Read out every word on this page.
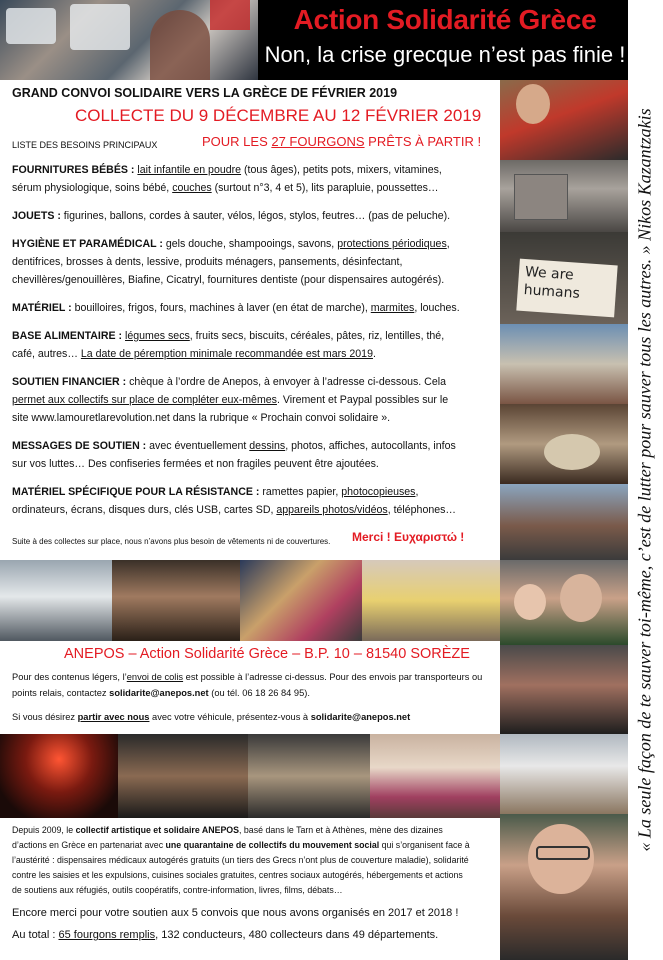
Action Solidarité Grèce
Non, la crise grecque n’est pas finie !
GRAND CONVOI SOLIDAIRE VERS LA GRÈCE DE FÉVRIER 2019
COLLECTE DU 9 DÉCEMBRE AU 12 FÉVRIER 2019
LISTE DES BESOINS PRINCIPAUX	POUR LES 27 FOURGONS PRÊTS À PARTIR !
FOURNITURES BÉBÉS : lait infantile en poudre (tous âges), petits pots, mixers, vitamines,
sérum physiologique, soins bébé, couches (surtout n°3, 4 et 5), lits parapluie, poussettes…
JOUETS : figurines, ballons, cordes à sauter, vélos, légos, stylos, feutres… (pas de peluche).
HYGIÈNE ET PARAMÉDICAL : gels douche, shampooings, savons, protections périodiques,
dentifrices, brosses à dents, lessive, produits ménagers, pansements, désinfectant,
chevillères/genouillères, Biafine, Cicatryl, fournitures dentiste (pour dispensaires autogérés).
MATÉRIEL : bouilloires, frigos, fours, machines à laver (en état de marche), marmites, louches.
BASE ALIMENTAIRE : légumes secs, fruits secs, biscuits, céréales, pâtes, riz, lentilles, thé,
café, autres… La date de péremption minimale recommandée est mars 2019.
SOUTIEN FINANCIER : chèque à l’ordre de Anepos, à envoyer à l’adresse ci-dessous. Cela
permet aux collectifs sur place de compléter eux-mêmes. Virement et Paypal possibles sur le
site www.lamouretlarevolution.net dans la rubrique « Prochain convoi solidaire ».
MESSAGES DE SOUTIEN : avec éventuellement dessins, photos, affiches, autocollants, infos
sur vos luttes… Des confiseries fermées et non fragiles peuvent être ajoutées.
MATÉRIEL SPÉCIFIQUE POUR LA RÉSISTANCE : ramettes papier, photocopieuses,
ordinateurs, écrans, disques durs, clés USB, cartes SD, appareils photos/vidéos, téléphones…
Suite à des collectes sur place, nous n’avons plus besoin de vêtements ni de couvertures. Merci ! Ευχαριστώ !
We are humans
ANEPOS – Action Solidarité Grèce – B.P. 10 – 81540 SORÈZE
Pour des contenus légers, l’envoi de colis est possible à l’adresse ci-dessus. Pour des envois par transporteurs ou
points relais, contactez solidarite@anepos.net (ou tél. 06 18 26 84 95).
Si vous désirez partir avec nous avec votre véhicule, présentez-vous à solidarite@anepos.net
Depuis 2009, le collectif artistique et solidaire ANEPOS, basé dans le Tarn et à Athènes, mène des dizaines
d’actions en Grèce en partenariat avec une quarantaine de collectifs du mouvement social qui s’organisent face à
l’austérité : dispensaires médicaux autogérés gratuits (un tiers des Grecs n’ont plus de couverture maladie), solidarité
contre les saisies et les expulsions, cuisines sociales gratuites, centres sociaux autogérés, hébergements et actions
de soutiens aux réfugiés, outils coopératifs, contre-information, livres, films, débats…
Encore merci pour votre soutien aux 5 convois que nous avons organisés en 2017 et 2018 !
Au total : 65 fourgons remplis, 132 conducteurs, 480 collecteurs dans 49 départements.
« La seule façon de te sauver toi-même, c’est de lutter pour sauver tous les autres. » Nikos Kazantzakis
